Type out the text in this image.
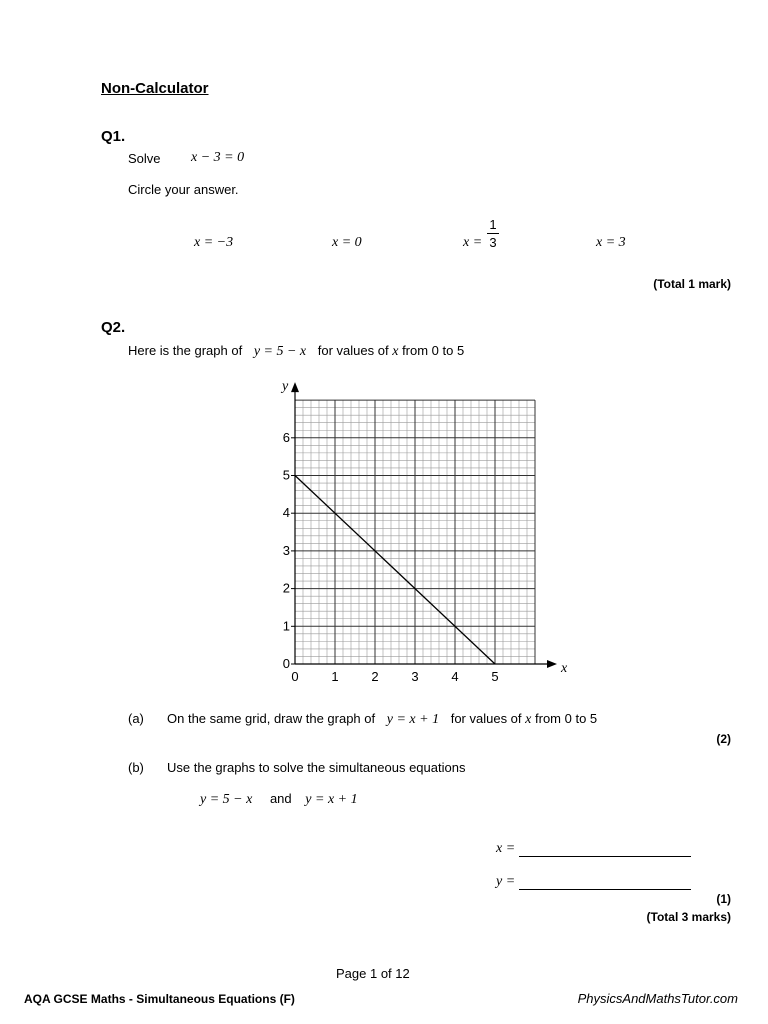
Non-Calculator
Q1.
Solve x − 3 = 0
Circle your answer.
x = −3	x = 0	x =
1
3	x = 3
(Total 1 mark)
Q2.
Here is the graph of y = 5 − x for values of x from 0 to 5
0	1	2	3	4	5
0
1
2
3
4
5
6
x
y
(a) On the same grid, draw the graph of y = x + 1 for values of x from 0 to 5
(2)
(b) Use the graphs to solve the simultaneous equations
y = 5 − x and y = x + 1
x =
y =
(1)
(Total 3 marks)
Page 1 of 12
AQA GCSE Maths - Simultaneous Equations (F)	PhysicsAndMathsTutor.com
